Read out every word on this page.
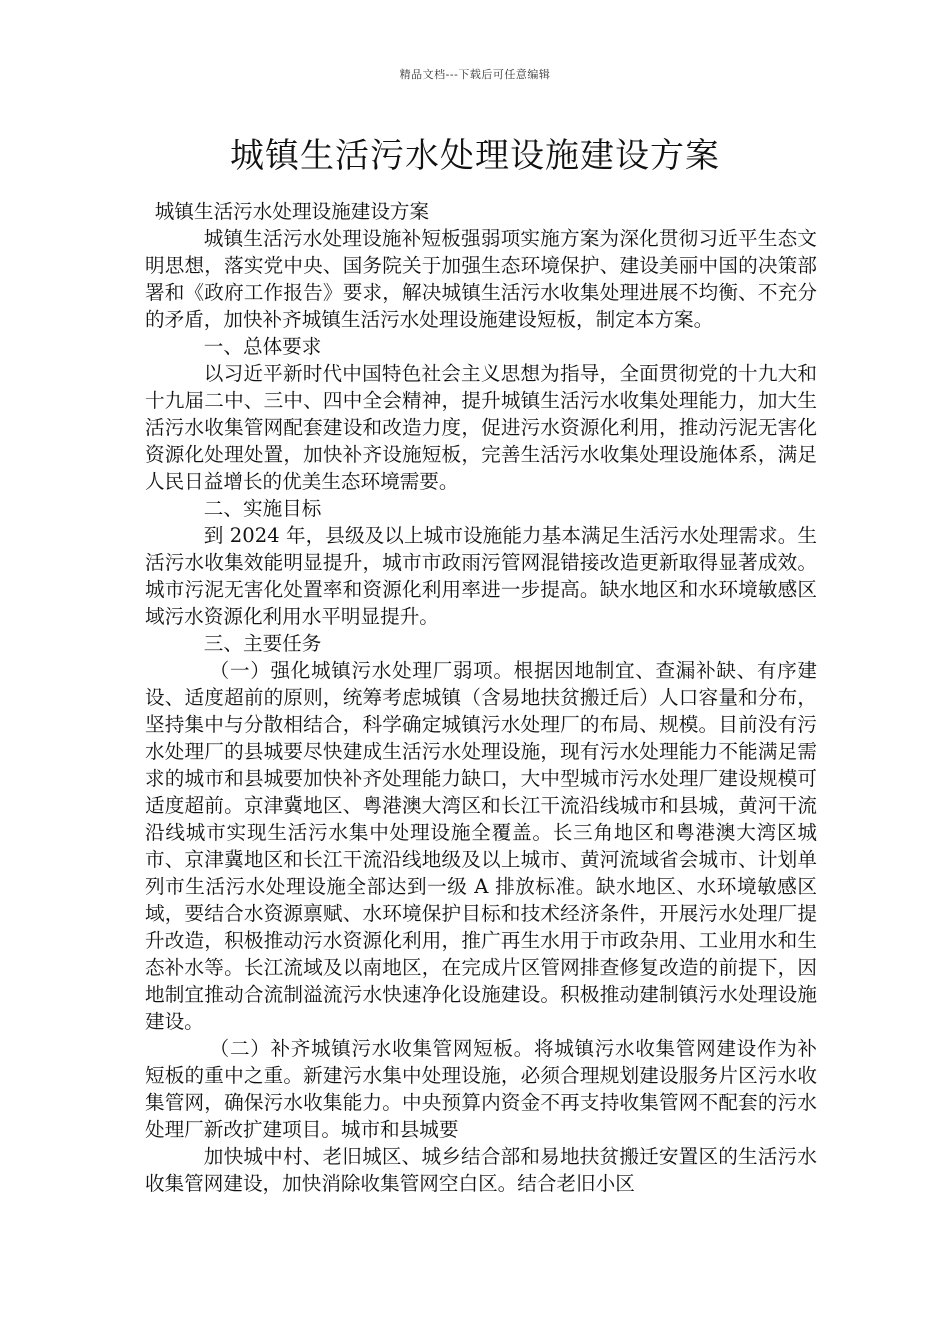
精品文档---下载后可任意编辑
城镇生活污水处理设施建设方案

城镇生活污水处理设施建设方案

城镇生活污水处理设施补短板强弱项实施方案为深化贯彻习近平生态文明思想，落实党中央、国务院关于加强生态环境保护、建设美丽中国的决策部署和《政府工作报告》要求，解决城镇生活污水收集处理进展不均衡、不充分的矛盾，加快补齐城镇生活污水处理设施建设短板，制定本方案。

一、总体要求

以习近平新时代中国特色社会主义思想为指导，全面贯彻党的十九大和十九届二中、三中、四中全会精神，提升城镇生活污水收集处理能力，加大生活污水收集管网配套建设和改造力度，促进污水资源化利用，推动污泥无害化资源化处理处置，加快补齐设施短板，完善生活污水收集处理设施体系，满足人民日益增长的优美生态环境需要。

二、实施目标

到 2024 年，县级及以上城市设施能力基本满足生活污水处理需求。生活污水收集效能明显提升，城市市政雨污管网混错接改造更新取得显著成效。城市污泥无害化处置率和资源化利用率进一步提高。缺水地区和水环境敏感区域污水资源化利用水平明显提升。

三、主要任务

（一）强化城镇污水处理厂弱项。根据因地制宜、查漏补缺、有序建设、适度超前的原则，统筹考虑城镇（含易地扶贫搬迁后）人口容量和分布，坚持集中与分散相结合，科学确定城镇污水处理厂的布局、规模。目前没有污水处理厂的县城要尽快建成生活污水处理设施，现有污水处理能力不能满足需求的城市和县城要加快补齐处理能力缺口，大中型城市污水处理厂建设规模可适度超前。京津冀地区、粤港澳大湾区和长江干流沿线城市和县城，黄河干流沿线城市实现生活污水集中处理设施全覆盖。长三角地区和粤港澳大湾区城市、京津冀地区和长江干流沿线地级及以上城市、黄河流域省会城市、计划单列市生活污水处理设施全部达到一级 A 排放标准。缺水地区、水环境敏感区域，要结合水资源禀赋、水环境保护目标和技术经济条件，开展污水处理厂提升改造，积极推动污水资源化利用，推广再生水用于市政杂用、工业用水和生态补水等。长江流域及以南地区，在完成片区管网排查修复改造的前提下，因地制宜推动合流制溢流污水快速净化设施建设。积极推动建制镇污水处理设施建设。

（二）补齐城镇污水收集管网短板。将城镇污水收集管网建设作为补短板的重中之重。新建污水集中处理设施，必须合理规划建设服务片区污水收集管网，确保污水收集能力。中央预算内资金不再支持收集管网不配套的污水处理厂新改扩建项目。城市和县城要

加快城中村、老旧城区、城乡结合部和易地扶贫搬迁安置区的生活污水收集管网建设，加快消除收集管网空白区。结合老旧小区
